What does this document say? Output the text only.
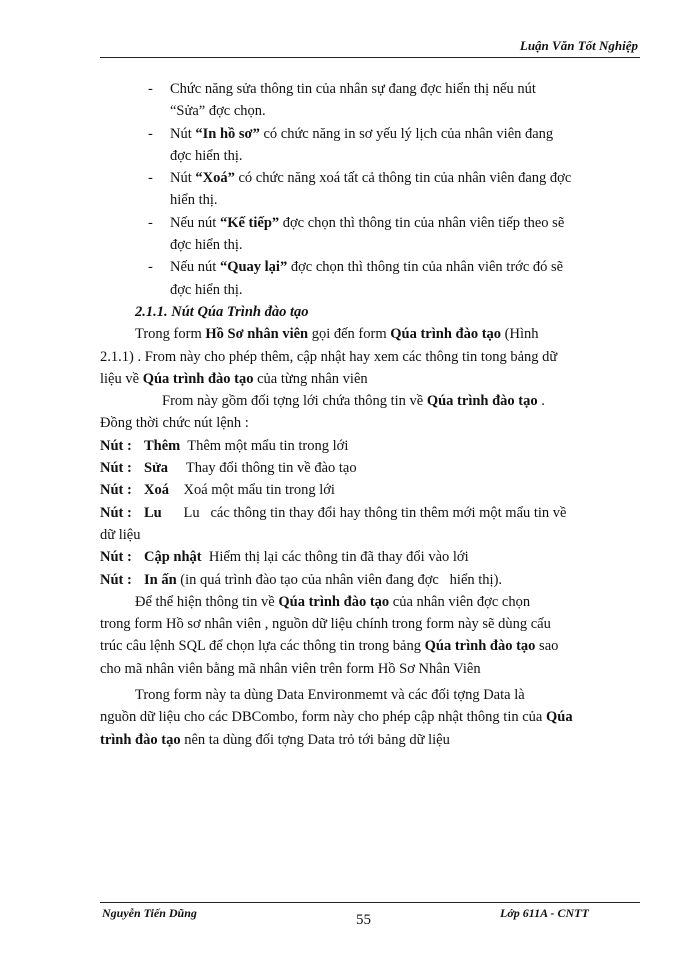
Luận Văn Tốt Nghiệp
- Chức năng sửa thông tin của nhân sự đang đợc hiển thị nếu nút
“Sửa” đợc chọn.
- Nút “In hồ sơ” có chức năng in sơ yếu lý lịch của nhân viên đang
đợc hiển thị.
- Nút “Xoá” có chức năng xoá tất cả thông tin của nhân viên đang đợc
hiển thị.
- Nếu nút “Kế tiếp” đợc chọn thì thông tin của nhân viên tiếp theo sẽ
đợc hiển thị.
- Nếu nút “Quay lại” đợc chọn thì thông tin của nhân viên trớc đó sẽ
đợc hiển thị.
2.1.1. Nút Qúa Trình đào tạo
Trong form Hồ Sơ nhân viên gọi đến form Qúa trình đào tạo (Hình
2.1.1) . From này cho phép thêm, cập nhật hay xem các thông tin tong bảng dữ
liệu về Qúa trình đào tạo của từng nhân viên
From này gồm đối tợng lới chứa thông tin về Qúa trình đào tạo .
Đồng thời chức nút lệnh :
Nút : Thêm  Thêm một mẩu tin trong lới
Nút : Sửa     Thay đổi thông tin về đào tạo
Nút : Xoá    Xoá một mẩu tin trong lới
Nút : Lu      Lu   các thông tin thay đổi hay thông tin thêm mới một mẩu tin về
dữ liệu
Nút : Cập nhật  Hiểm thị lại các thông tin đã thay đổi vào lới
Nút : In ấn (in quá trình đào tạo của nhân viên đang đợc   hiển thị).
Để thể hiện thông tin về Qúa trình đào tạo của nhân viên đợc chọn
trong form Hồ sơ nhân viên , nguồn dữ liệu chính trong form này sẽ dùng cấu
trúc câu lệnh SQL để chọn lựa các thông tin trong bảng Qúa trình đào tạo sao
cho mã nhân viên bằng mã nhân viên trên form Hồ Sơ Nhân Viên
Trong form này ta dùng Data Environmemt và các đối tợng Data là
nguồn dữ liệu cho các DBCombo, form này cho phép cập nhật thông tin của Qúa
trình đào tạo nên ta dùng đối tợng Data trỏ tới bảng dữ liệu
Nguyễn Tiến Dũng	55	Lớp 611A - CNTT
